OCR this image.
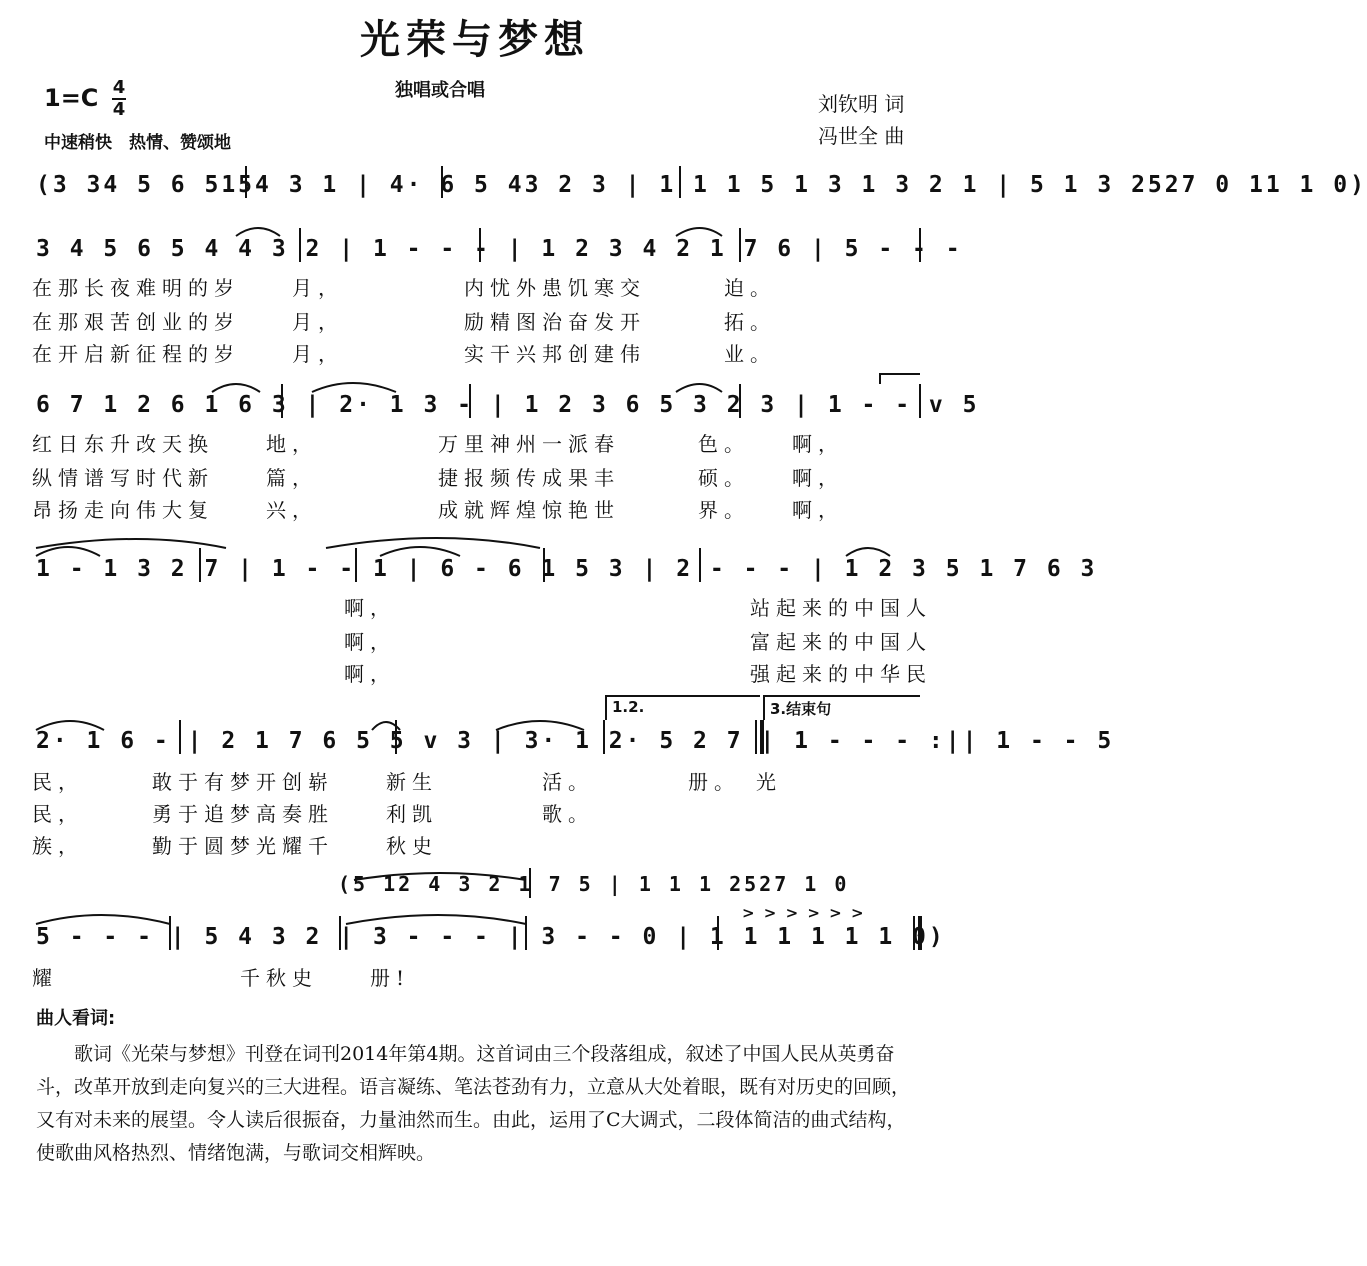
光荣与梦想
独唱或合唱
刘钦明 词
冯世全 曲
1=C 4
4
中速稍快　热情、赞颂地
(3 34 5 6 5154 3 1 | 4· 6 5 43 2 3 | 1 1 1 5 1 3 1 3 2 1 | 5 1 3 2527 0 11 1 0)
3 4 5 6 5 4 4 3 2 | 1 - - - | 1 2 3 4 2 1 7 6 | 5 - - -
在那长夜难明的岁　　月，　　　　　内忧外患饥寒交　　　迫。
在那艰苦创业的岁　　月，　　　　　励精图治奋发开　　　拓。
在开启新征程的岁　　月，　　　　　实干兴邦创建伟　　　业。
6 7 1 2 6 1 6 3 | 2· 1 3 - | 1 2 3 6 5 3 2 3 | 1 - - v 5
红日东升改天换　　地，　　　　　万里神州一派春　　　色。　　啊，
纵情谱写时代新　　篇，　　　　　捷报频传成果丰　　　硕。　　啊，
昂扬走向伟大复　　兴，　　　　　成就辉煌惊艳世　　　界。　　啊，
1 - 1 3 2 7 | 1 - - 1 | 6 - 6 1 5 3 | 2 - - - | 1 2 3 5 1 7 6 3
　　　　　　　　　　　　啊，　　　　　　　　　　　　　　站起来的中国人
　　　　　　　　　　　　啊，　　　　　　　　　　　　　　富起来的中国人
　　　　　　　　　　　　啊，　　　　　　　　　　　　　　强起来的中华民
1.2.	3.结束句
2· 1 6 - | 2 1 7 6 5 5 v 3 | 3· 1 2· 5 2 7 | 1 - - - :|| 1 - - 5
民，　　　敢于有梦开创崭　　新生　　　　活。　　　　册。　光
民，　　　勇于追梦高奏胜　　利凯　　　　歌。
族，　　　勤于圆梦光耀千　　秋史
(5 12 4 3 2 1 7 5 | 1 1 1 2527 1 0
> > > > > >
5 - - - | 5 4 3 2 | 3 - - - | 3 - - 0 | 1 1 1 1 1 1 0)
耀　　　　　　　千秋史　　册!
曲人看词:
歌词《光荣与梦想》刊登在词刊2014年第4期。这首词由三个段落组成，叙述了中国人民从英勇奋斗，改革开放到走向复兴的三大进程。语言凝练、笔法苍劲有力，立意从大处着眼，既有对历史的回顾，又有对未来的展望。令人读后很振奋，力量油然而生。由此，运用了C大调式，二段体简洁的曲式结构，使歌曲风格热烈、情绪饱满，与歌词交相辉映。
